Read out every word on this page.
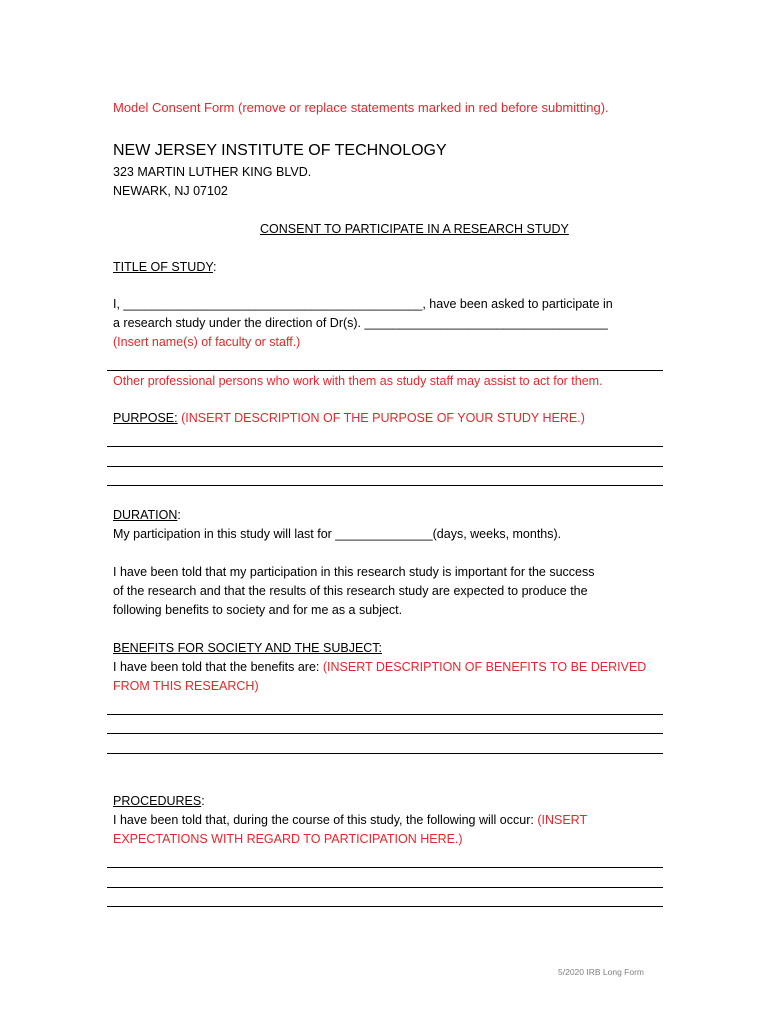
Model Consent Form (remove or replace statements marked in red before submitting).
NEW JERSEY INSTITUTE OF TECHNOLOGY
323 MARTIN LUTHER KING BLVD.
NEWARK, NJ 07102
CONSENT TO PARTICIPATE IN A RESEARCH STUDY
TITLE OF STUDY:
I, ___________________________________________, have been asked to participate in
a research study under the direction of Dr(s). ___________________________________
(Insert name(s) of faculty or staff.)
Other professional persons who work with them as study staff may assist to act for them.
PURPOSE: (INSERT DESCRIPTION OF THE PURPOSE OF YOUR STUDY HERE.)
DURATION:
My participation in this study will last for ______________(days, weeks, months).
I have been told that my participation in this research study is important for the success
of the research and that the results of this research study are expected to produce the
following benefits to society and for me as a subject.
BENEFITS FOR SOCIETY AND THE SUBJECT:
I have been told that the benefits are: (INSERT DESCRIPTION OF BENEFITS TO BE DERIVED
FROM THIS RESEARCH)
PROCEDURES:
I have been told that, during the course of this study, the following will occur: (INSERT
EXPECTATIONS WITH REGARD TO PARTICIPATION HERE.)
5/2020 IRB Long Form
